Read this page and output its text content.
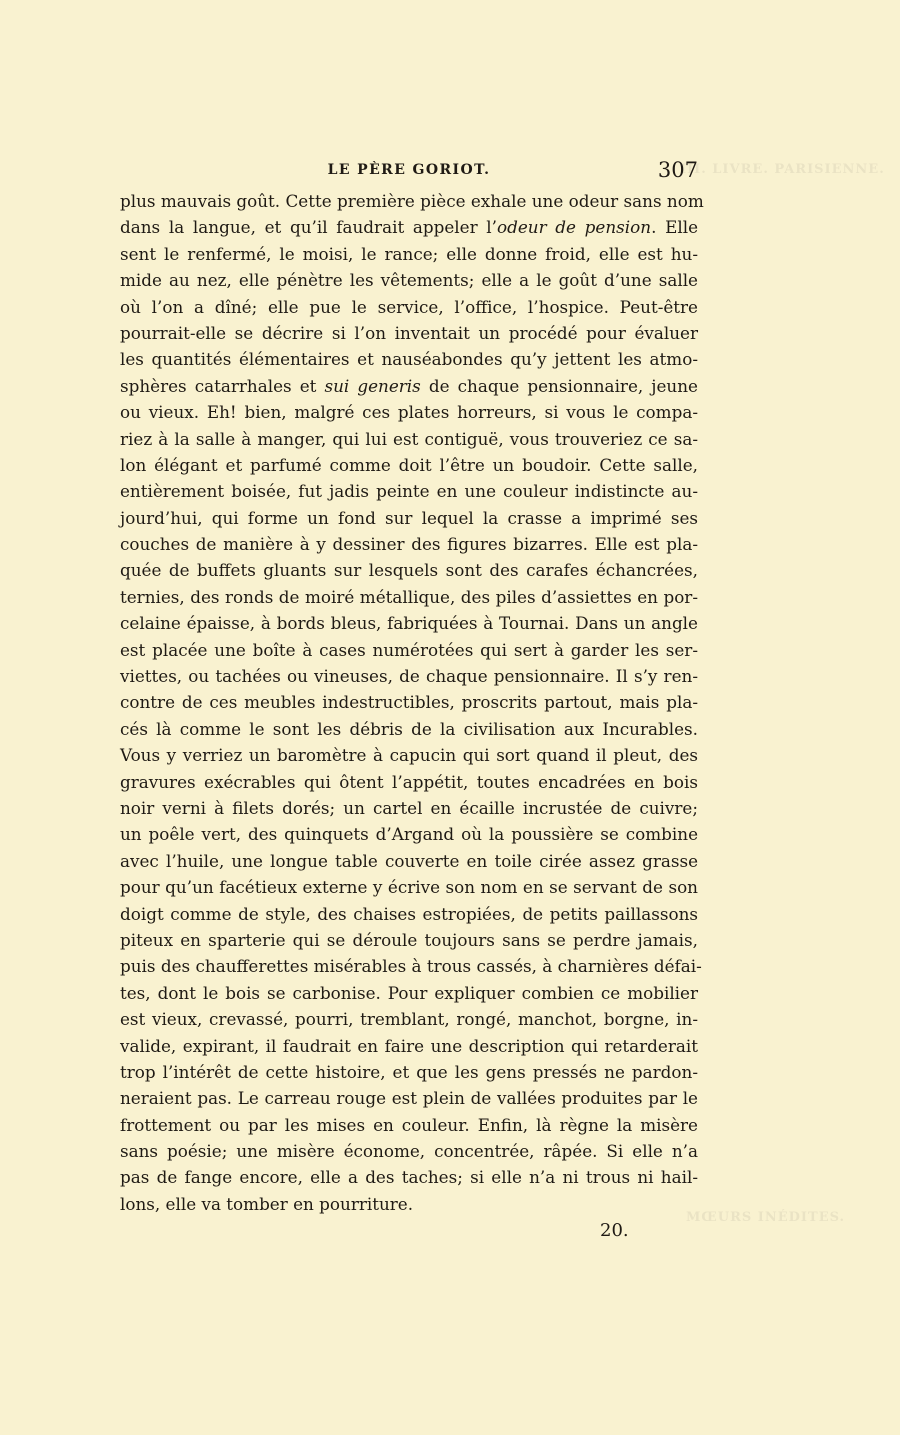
III. LIVRE. PARISIENNE.
MŒURS INÉDITES.
LE PÈRE GORIOT.	307
plus mauvais goût. Cette première pièce exhale une odeur sans nom
dans la langue, et qu’il faudrait appeler l’odeur de pension. Elle
sent le renfermé, le moisi, le rance; elle donne froid, elle est hu-
mide au nez, elle pénètre les vêtements; elle a le goût d’une salle
où l’on a dîné; elle pue le service, l’office, l’hospice. Peut-être
pourrait-elle se décrire si l’on inventait un procédé pour évaluer
les quantités élémentaires et nauséabondes qu’y jettent les atmo-
sphères catarrhales et sui generis de chaque pensionnaire, jeune
ou vieux. Eh! bien, malgré ces plates horreurs, si vous le compa-
riez à la salle à manger, qui lui est contiguë, vous trouveriez ce sa-
lon élégant et parfumé comme doit l’être un boudoir. Cette salle,
entièrement boisée, fut jadis peinte en une couleur indistincte au-
jourd’hui, qui forme un fond sur lequel la crasse a imprimé ses
couches de manière à y dessiner des figures bizarres. Elle est pla-
quée de buffets gluants sur lesquels sont des carafes échancrées,
ternies, des ronds de moiré métallique, des piles d’assiettes en por-
celaine épaisse, à bords bleus, fabriquées à Tournai. Dans un angle
est placée une boîte à cases numérotées qui sert à garder les ser-
viettes, ou tachées ou vineuses, de chaque pensionnaire. Il s’y ren-
contre de ces meubles indestructibles, proscrits partout, mais pla-
cés là comme le sont les débris de la civilisation aux Incurables.
Vous y verriez un baromètre à capucin qui sort quand il pleut, des
gravures exécrables qui ôtent l’appétit, toutes encadrées en bois
noir verni à filets dorés; un cartel en écaille incrustée de cuivre;
un poêle vert, des quinquets d’Argand où la poussière se combine
avec l’huile, une longue table couverte en toile cirée assez grasse
pour qu’un facétieux externe y écrive son nom en se servant de son
doigt comme de style, des chaises estropiées, de petits paillassons
piteux en sparterie qui se déroule toujours sans se perdre jamais,
puis des chaufferettes misérables à trous cassés, à charnières défai-
tes, dont le bois se carbonise. Pour expliquer combien ce mobilier
est vieux, crevassé, pourri, tremblant, rongé, manchot, borgne, in-
valide, expirant, il faudrait en faire une description qui retarderait
trop l’intérêt de cette histoire, et que les gens pressés ne pardon-
neraient pas. Le carreau rouge est plein de vallées produites par le
frottement ou par les mises en couleur. Enfin, là règne la misère
sans poésie; une misère économe, concentrée, râpée. Si elle n’a
pas de fange encore, elle a des taches; si elle n’a ni trous ni hail-
lons, elle va tomber en pourriture.
20.
